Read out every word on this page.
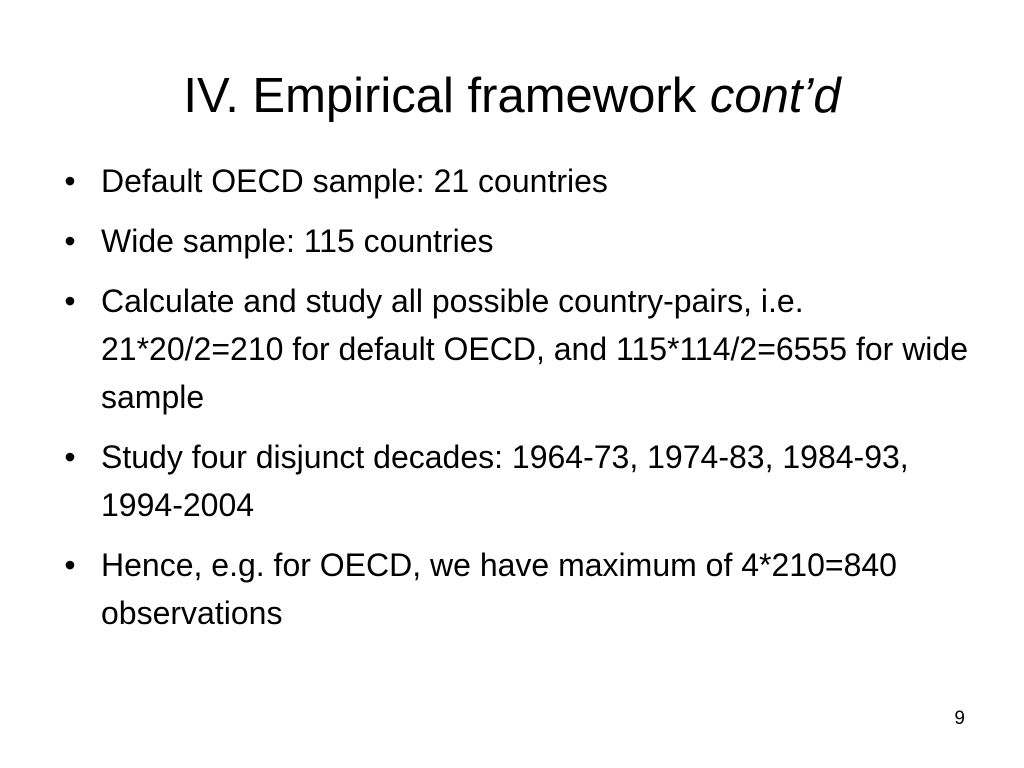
IV. Empirical framework cont’d
• Default OECD sample: 21 countries
• Wide sample: 115 countries
• Calculate and study all possible country-pairs, i.e. 21*20/2=210 for default OECD, and 115*114/2=6555 for wide sample
• Study four disjunct decades: 1964-73, 1974-83, 1984-93, 1994-2004
• Hence, e.g. for OECD, we have maximum of 4*210=840 observations
9
